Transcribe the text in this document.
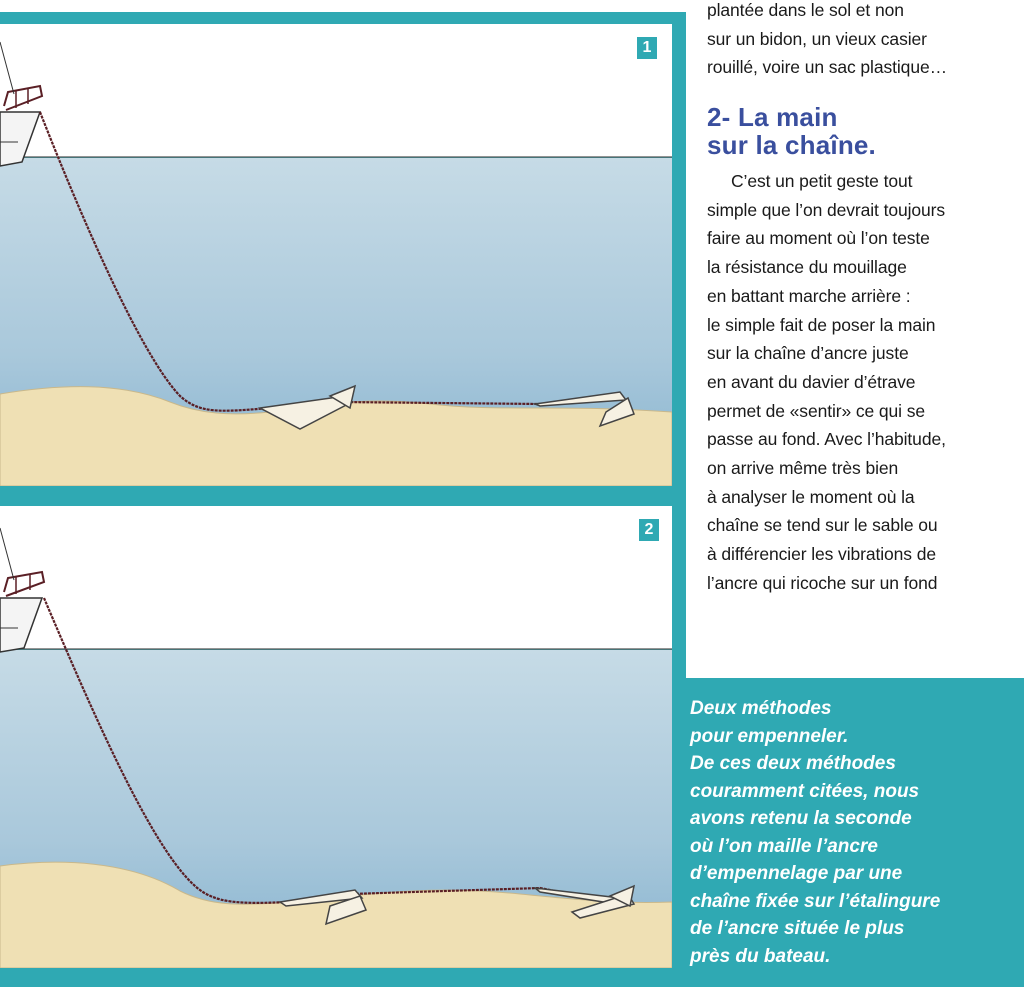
1
2

plantée dans le sol et non

sur un bidon, un vieux casier

rouillé, voire un sac plastique…

2- La main
sur la chaîne.

C’est un petit geste tout

simple que l’on devrait toujours

faire au moment où l’on teste

la résistance du mouillage

en battant marche arrière :

le simple fait de poser la main

sur la chaîne d’ancre juste

en avant du davier d’étrave

permet de «sentir» ce qui se

passe au fond. Avec l’habitude,

on arrive même très bien

à analyser le moment où la

chaîne se tend sur le sable ou

à différencier les vibrations de

l’ancre qui ricoche sur un fond

Deux méthodes
pour empenneler.
De ces deux méthodes
couramment citées, nous
avons retenu la seconde
où l’on maille l’ancre
d’empennelage par une
chaîne fixée sur l’étalingure
de l’ancre située le plus
près du bateau.
